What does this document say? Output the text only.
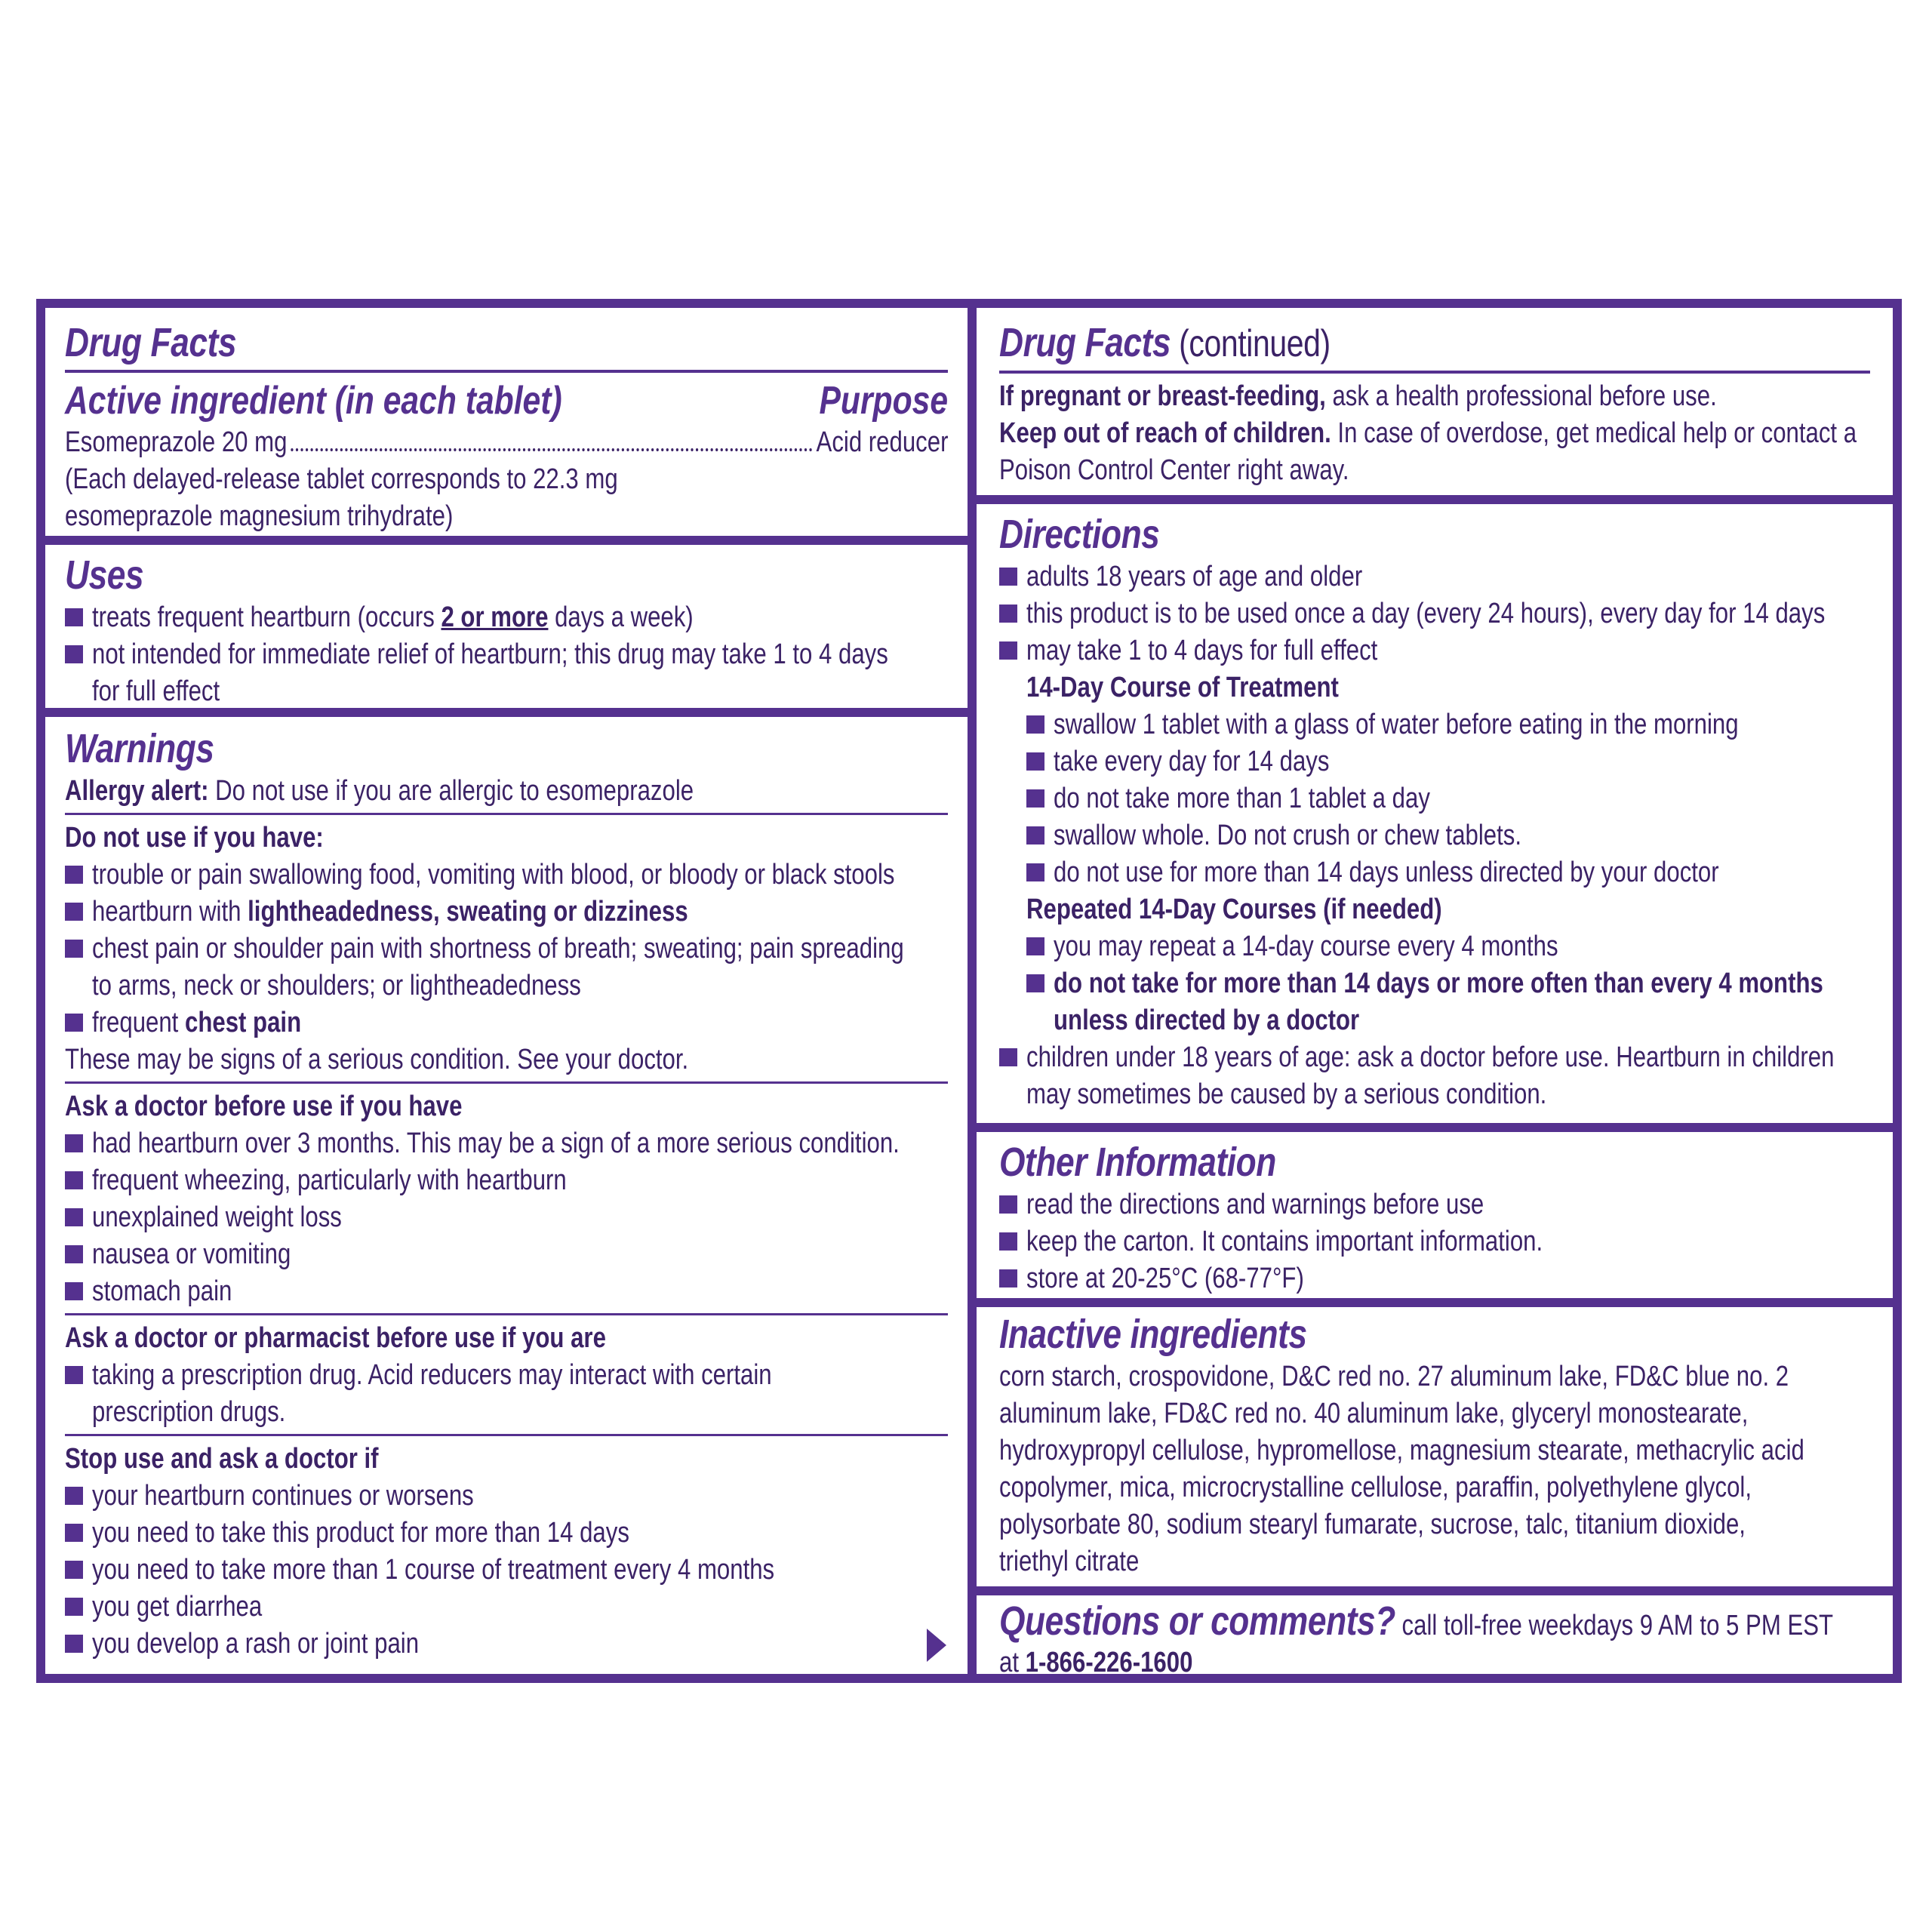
Drug Facts
Active ingredient (in each tablet)	Purpose
Esomeprazole 20 mg	Acid reducer
(Each delayed-release tablet corresponds to 22.3 mg
esomeprazole magnesium trihydrate)
Uses
treats frequent heartburn (occurs 2 or more days a week)
not intended for immediate relief of heartburn; this drug may take 1 to 4 days
for full effect
Warnings
Allergy alert: Do not use if you are allergic to esomeprazole
Do not use if you have:
trouble or pain swallowing food, vomiting with blood, or bloody or black stools
heartburn with lightheadedness, sweating or dizziness
chest pain or shoulder pain with shortness of breath; sweating; pain spreading
to arms, neck or shoulders; or lightheadedness
frequent chest pain
These may be signs of a serious condition. See your doctor.
Ask a doctor before use if you have
had heartburn over 3 months. This may be a sign of a more serious condition.
frequent wheezing, particularly with heartburn
unexplained weight loss
nausea or vomiting
stomach pain
Ask a doctor or pharmacist before use if you are
taking a prescription drug. Acid reducers may interact with certain
prescription drugs.
Stop use and ask a doctor if
your heartburn continues or worsens
you need to take this product for more than 14 days
you need to take more than 1 course of treatment every 4 months
you get diarrhea
you develop a rash or joint pain
Drug Facts (continued)
If pregnant or breast-feeding, ask a health professional before use.
Keep out of reach of children. In case of overdose, get medical help or contact a
Poison Control Center right away.
Directions
adults 18 years of age and older
this product is to be used once a day (every 24 hours), every day for 14 days
may take 1 to 4 days for full effect
14-Day Course of Treatment
swallow 1 tablet with a glass of water before eating in the morning
take every day for 14 days
do not take more than 1 tablet a day
swallow whole. Do not crush or chew tablets.
do not use for more than 14 days unless directed by your doctor
Repeated 14-Day Courses (if needed)
you may repeat a 14-day course every 4 months
do not take for more than 14 days or more often than every 4 months
unless directed by a doctor
children under 18 years of age: ask a doctor before use. Heartburn in children
may sometimes be caused by a serious condition.
Other Information
read the directions and warnings before use
keep the carton. It contains important information.
store at 20-25°C (68-77°F)
Inactive ingredients
corn starch, crospovidone, D&C red no. 27 aluminum lake, FD&C blue no. 2
aluminum lake, FD&C red no. 40 aluminum lake, glyceryl monostearate,
hydroxypropyl cellulose, hypromellose, magnesium stearate, methacrylic acid
copolymer, mica, microcrystalline cellulose, paraffin, polyethylene glycol,
polysorbate 80, sodium stearyl fumarate, sucrose, talc, titanium dioxide,
triethyl citrate
Questions or comments? call toll-free weekdays 9 AM to 5 PM EST
at 1-866-226-1600
